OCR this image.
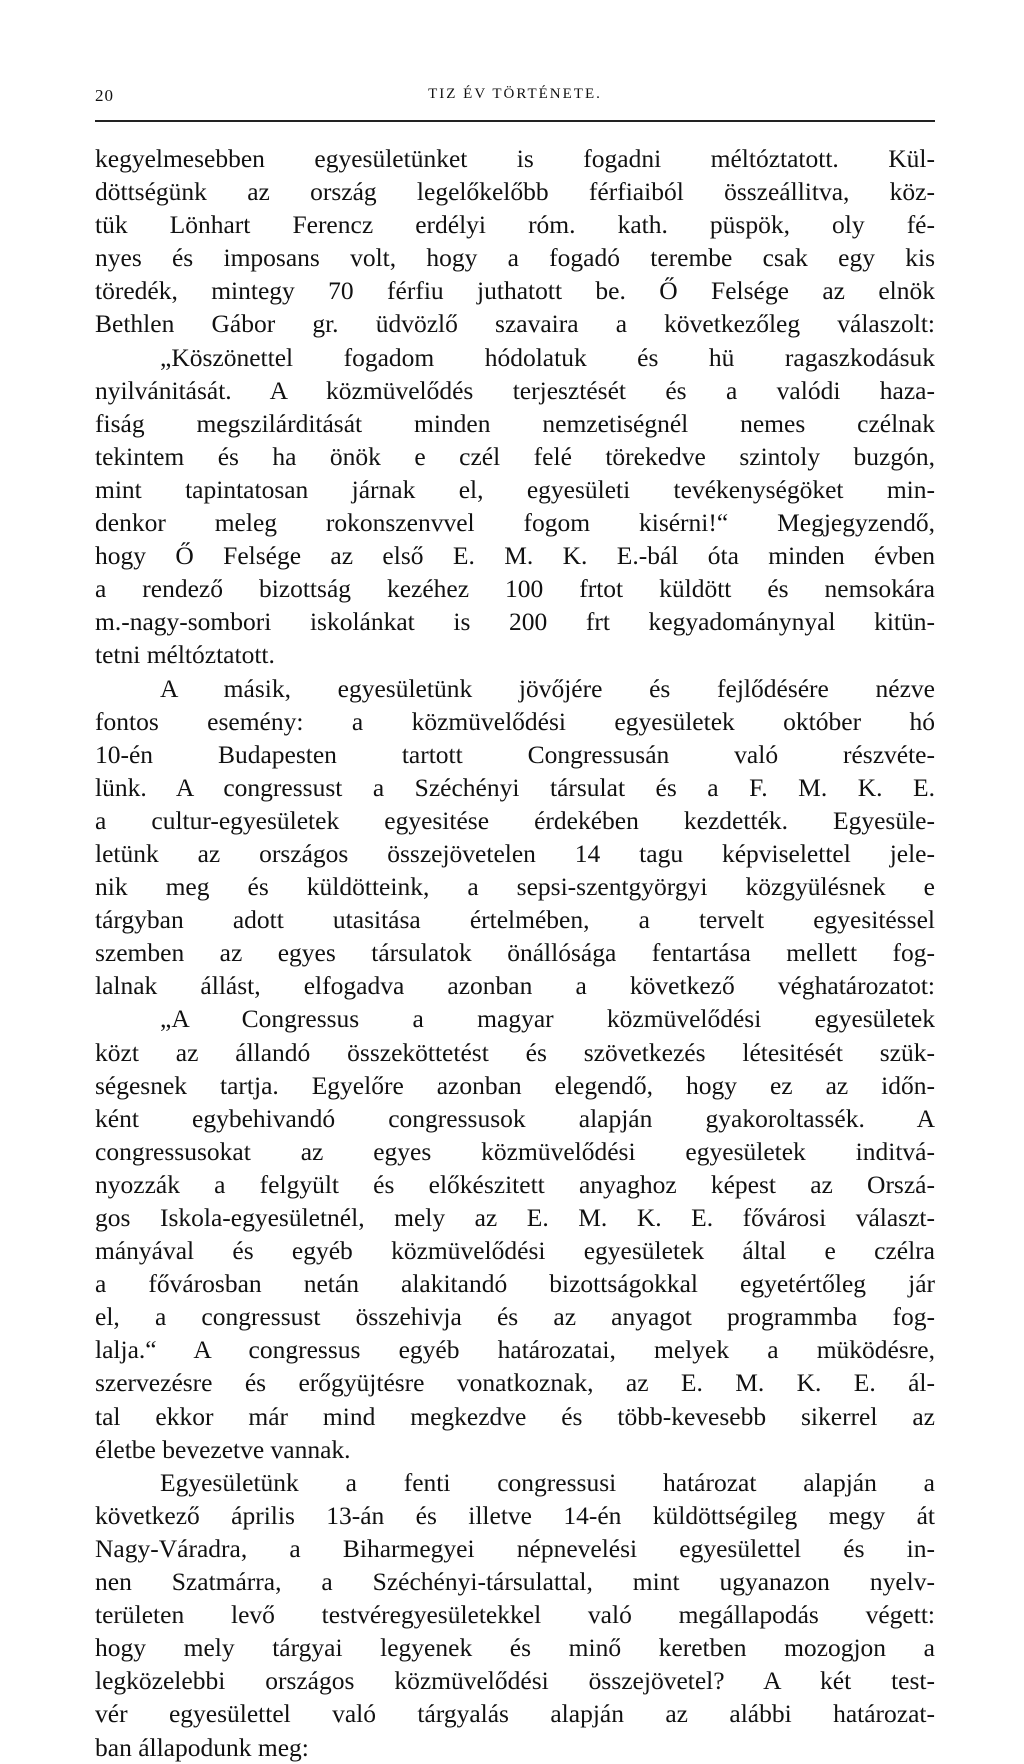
20	TIZ ÉV TÖRTÉNETE.
kegyelmesebben egyesületünket is fogadni méltóztatott. Kül-
döttségünk az ország legelőkelőbb férfiaiból összeállitva, köz-
tük Lönhart Ferencz erdélyi róm. kath. püspök, oly fé-
nyes és imposans volt, hogy a fogadó terembe csak egy kis
töredék, mintegy 70 férfiu juthatott be. Ő Felsége az elnök
Bethlen Gábor gr. üdvözlő szavaira a következőleg válaszolt:
„Köszönettel fogadom hódolatuk és hü ragaszkodásuk
nyilvánitását. A közmüvelődés terjesztését és a valódi haza-
fiság megszilárditását minden nemzetiségnél nemes czélnak
tekintem és ha önök e czél felé törekedve szintoly buzgón,
mint tapintatosan járnak el, egyesületi tevékenységöket min-
denkor meleg rokonszenvvel fogom kisérni!“ Megjegyzendő,
hogy Ő Felsége az első E. M. K. E.-bál óta minden évben
a rendező bizottság kezéhez 100 frtot küldött és nemsokára
m.-nagy-sombori iskolánkat is 200 frt kegyadománynyal kitün-
tetni méltóztatott.
A másik, egyesületünk jövőjére és fejlődésére nézve
fontos esemény: a közmüvelődési egyesületek október hó
10-én Budapesten tartott Congressusán való részvéte-
lünk. A congressust a Széchényi társulat és a F. M. K. E.
a cultur-egyesületek egyesitése érdekében kezdették. Egyesüle-
letünk az országos összejövetelen 14 tagu képviselettel jele-
nik meg és küldötteink, a sepsi-szentgyörgyi közgyülésnek e
tárgyban adott utasitása értelmében, a tervelt egyesitéssel
szemben az egyes társulatok önállósága fentartása mellett fog-
lalnak állást, elfogadva azonban a következő véghatározatot:
„A Congressus a magyar közmüvelődési egyesületek
közt az állandó összeköttetést és szövetkezés létesitését szük-
ségesnek tartja. Egyelőre azonban elegendő, hogy ez az időn-
ként egybehivandó congressusok alapján gyakoroltassék. A
congressusokat az egyes közmüvelődési egyesületek inditvá-
nyozzák a felgyült és előkészitett anyaghoz képest az Orszá-
gos Iskola-egyesületnél, mely az E. M. K. E. fővárosi választ-
mányával és egyéb közmüvelődési egyesületek által e czélra
a fővárosban netán alakitandó bizottságokkal egyetértőleg jár
el, a congressust összehivja és az anyagot programmba fog-
lalja.“ A congressus egyéb határozatai, melyek a müködésre,
szervezésre és erőgyüjtésre vonatkoznak, az E. M. K. E. ál-
tal ekkor már mind megkezdve és több-kevesebb sikerrel az
életbe bevezetve vannak.
Egyesületünk a fenti congressusi határozat alapján a
következő április 13-án és illetve 14-én küldöttségileg megy át
Nagy-Váradra, a Biharmegyei népnevelési egyesülettel és in-
nen Szatmárra, a Széchényi-társulattal, mint ugyanazon nyelv-
területen levő testvéregyesületekkel való megállapodás végett:
hogy mely tárgyai legyenek és minő keretben mozogjon a
legközelebbi országos közmüvelődési összejövetel? A két test-
vér egyesülettel való tárgyalás alapján az alábbi határozat-
ban állapodunk meg:
